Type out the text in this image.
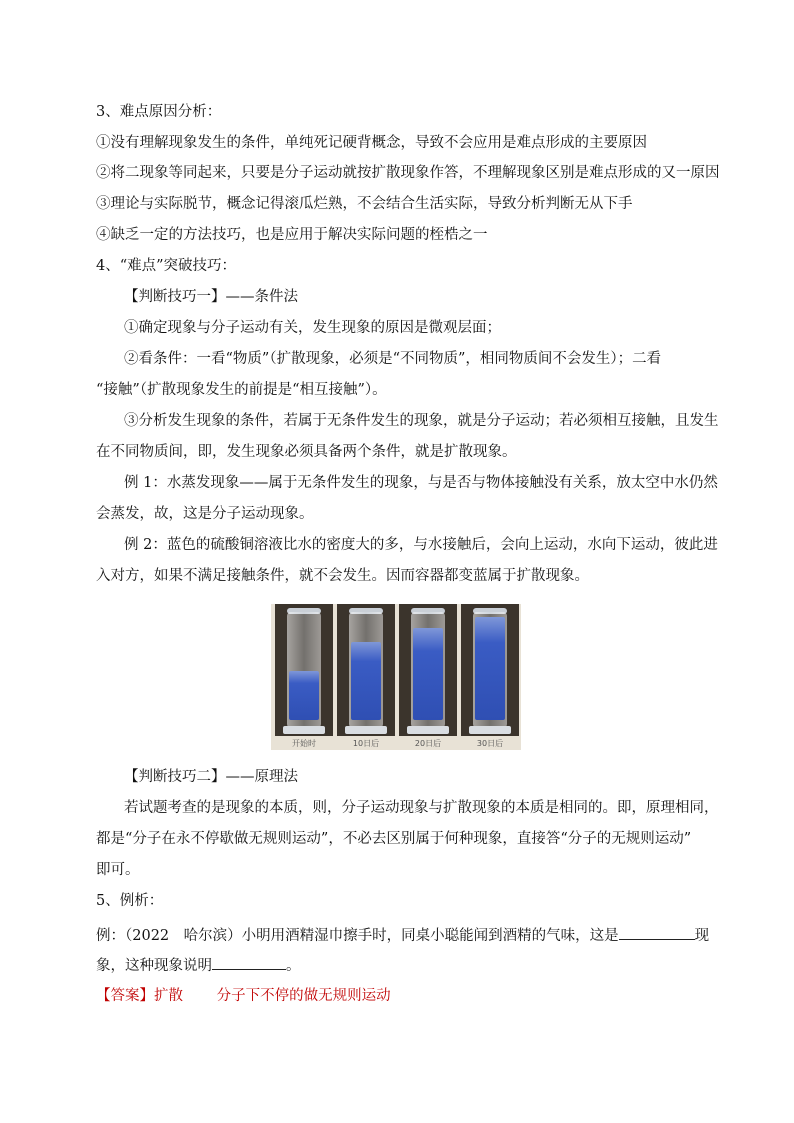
3、难点原因分析：
①没有理解现象发生的条件，单纯死记硬背概念，导致不会应用是难点形成的主要原因
②将二现象等同起来，只要是分子运动就按扩散现象作答，不理解现象区别是难点形成的又一原因
③理论与实际脱节，概念记得滚瓜烂熟，不会结合生活实际，导致分析判断无从下手
④缺乏一定的方法技巧，也是应用于解决实际问题的桎梏之一
4、“难点”突破技巧：
【判断技巧一】——条件法
①确定现象与分子运动有关，发生现象的原因是微观层面；
②看条件：一看“物质”（扩散现象，必须是“不同物质”，相同物质间不会发生）；二看
“接触”（扩散现象发生的前提是“相互接触”）。
③分析发生现象的条件，若属于无条件发生的现象，就是分子运动；若必须相互接触，且发生
在不同物质间，即，发生现象必须具备两个条件，就是扩散现象。
例 1：水蒸发现象——属于无条件发生的现象，与是否与物体接触没有关系，放太空中水仍然
会蒸发，故，这是分子运动现象。
例 2：蓝色的硫酸铜溶液比水的密度大的多，与水接触后，会向上运动，水向下运动，彼此进
入对方，如果不满足接触条件，就不会发生。因而容器都变蓝属于扩散现象。
开始时	10日后	20日后	30日后
【判断技巧二】——原理法
若试题考查的是现象的本质，则，分子运动现象与扩散现象的本质是相同的。即，原理相同，
都是“分子在永不停歇做无规则运动”，不必去区别属于何种现象，直接答“分子的无规则运动”
即可。
5、例析：
例：（2022　哈尔滨）小明用酒精湿巾擦手时，同桌小聪能闻到酒精的气味，这是	现
象，这种现象说明	。
【答案】扩散　　 分子下不停的做无规则运动
